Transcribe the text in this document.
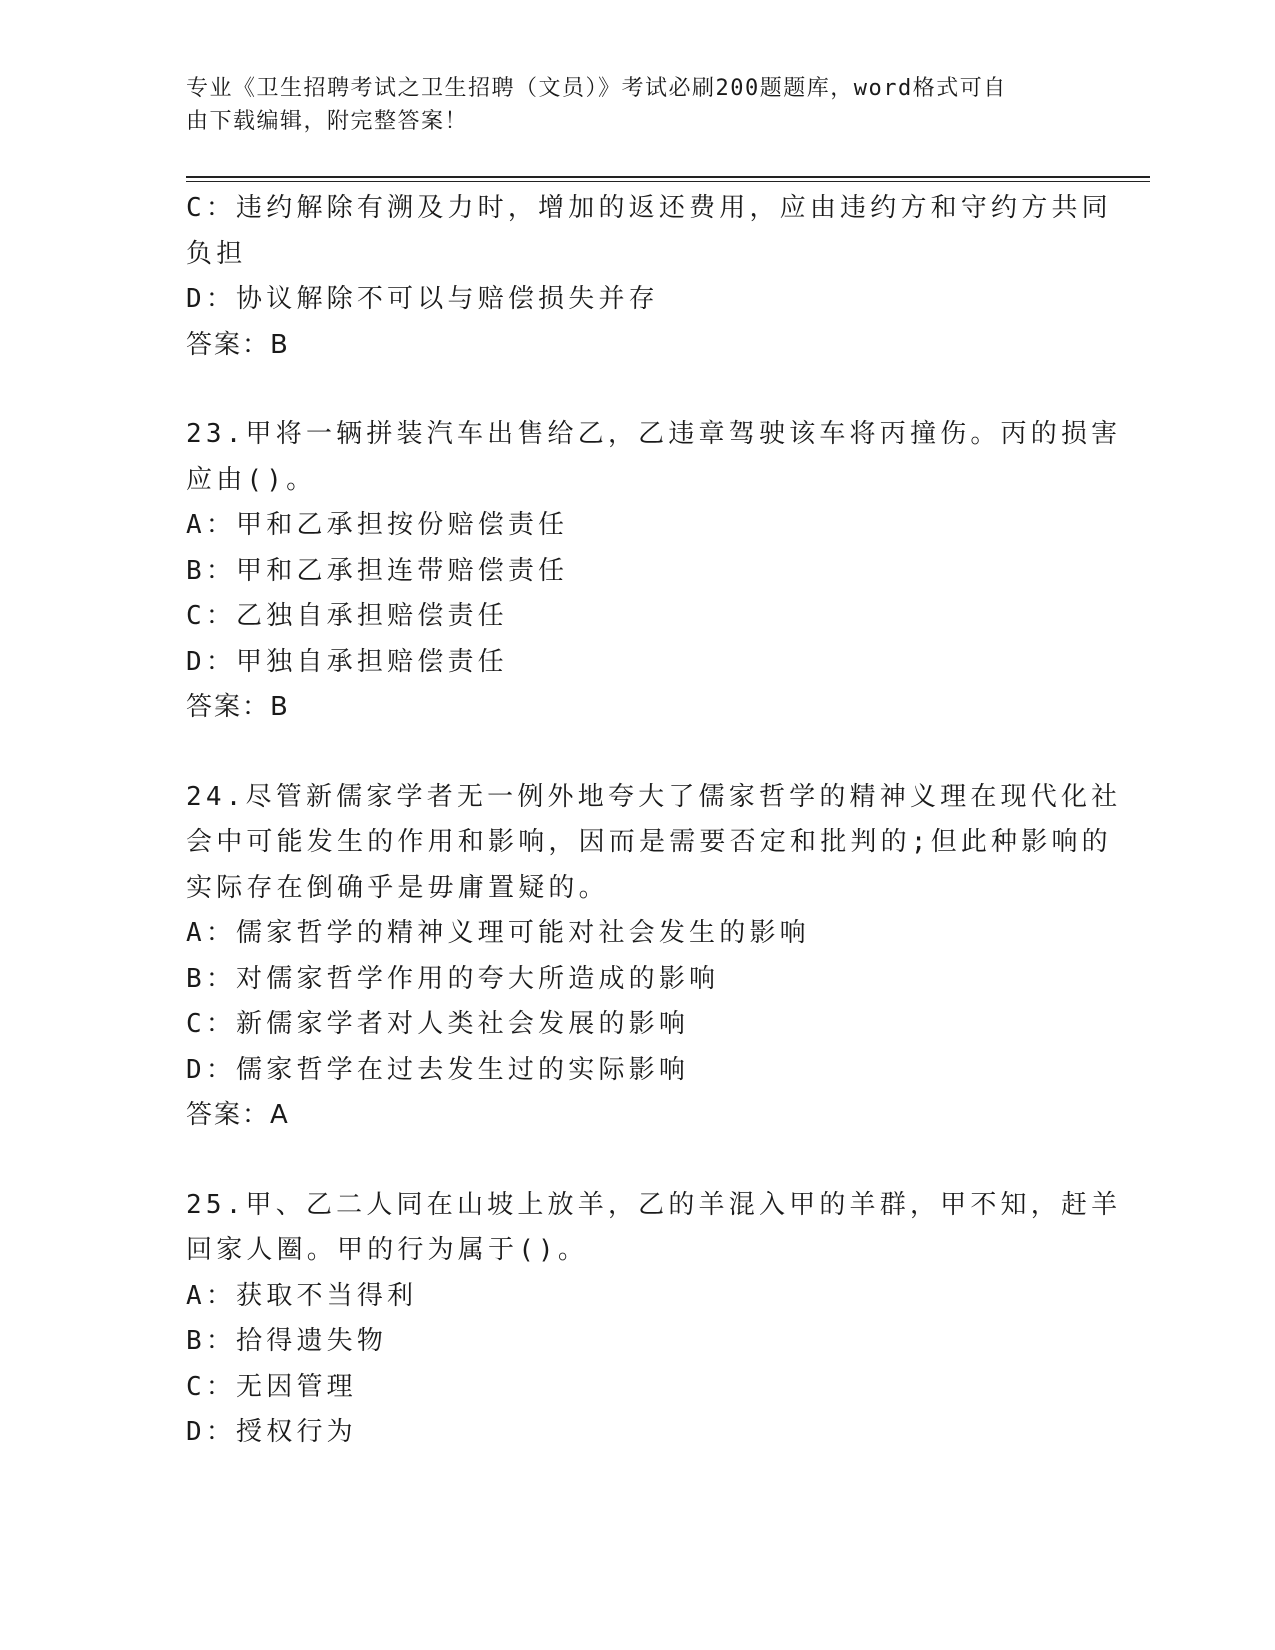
专业《卫生招聘考试之卫生招聘（文员）》考试必刷200题题库，word格式可自
由下载编辑，附完整答案！
C：违约解除有溯及力时，增加的返还费用，应由违约方和守约方共同
负担
D：协议解除不可以与赔偿损失并存
答案：B
23.甲将一辆拼装汽车出售给乙，乙违章驾驶该车将丙撞伤。丙的损害
应由()。
A：甲和乙承担按份赔偿责任
B：甲和乙承担连带赔偿责任
C：乙独自承担赔偿责任
D：甲独自承担赔偿责任
答案：B
24.尽管新儒家学者无一例外地夸大了儒家哲学的精神义理在现代化社
会中可能发生的作用和影响，因而是需要否定和批判的;但此种影响的
实际存在倒确乎是毋庸置疑的。
A：儒家哲学的精神义理可能对社会发生的影响
B：对儒家哲学作用的夸大所造成的影响
C：新儒家学者对人类社会发展的影响
D：儒家哲学在过去发生过的实际影响
答案：A
25.甲、乙二人同在山坡上放羊，乙的羊混入甲的羊群，甲不知，赶羊
回家人圈。甲的行为属于()。
A：获取不当得利
B：拾得遗失物
C：无因管理
D：授权行为
